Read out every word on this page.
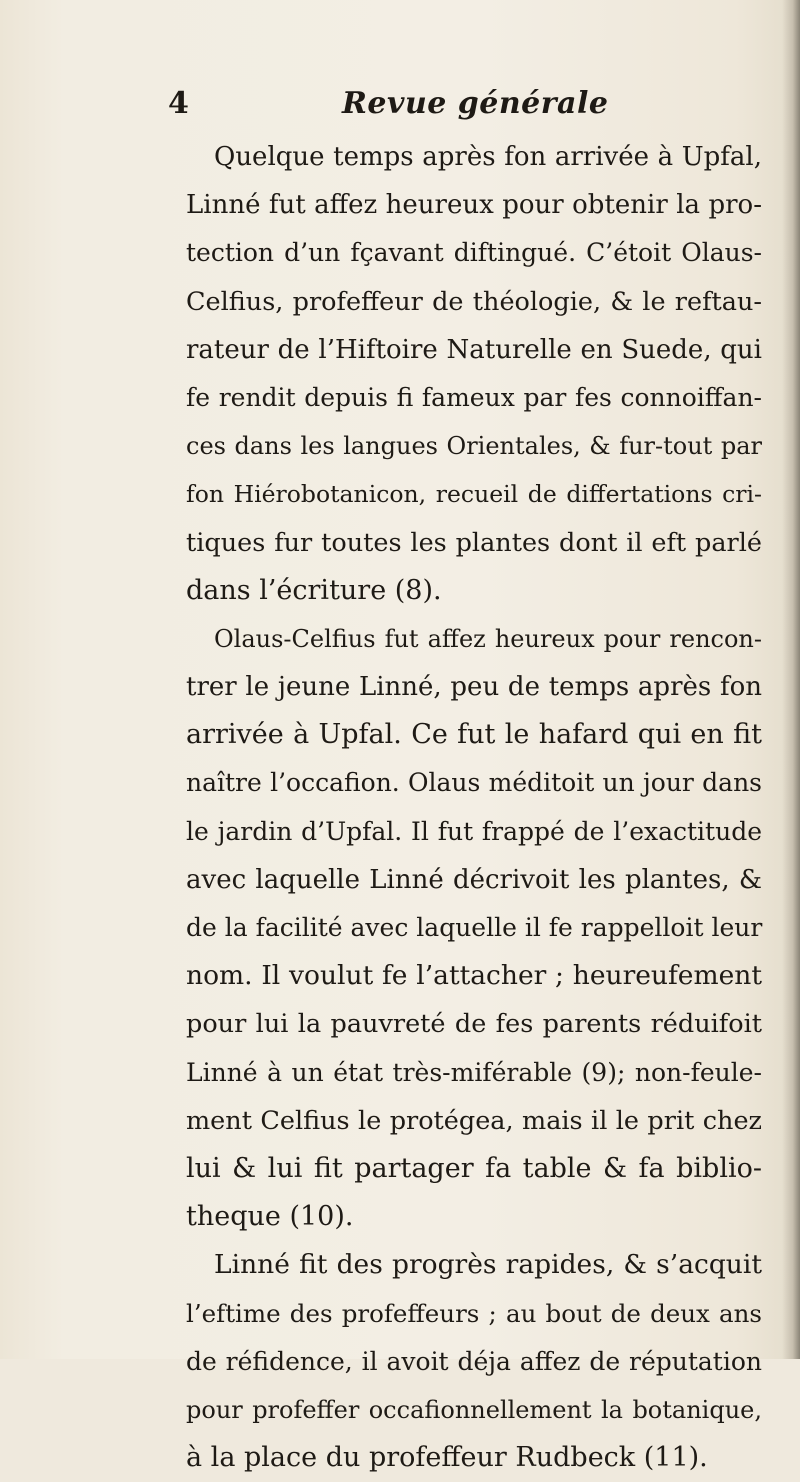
4	Revue générale
Quelque temps après fon arrivée à Upfal,
Linné fut affez heureux pour obtenir la pro-
tection d’un fçavant diftingué. C’étoit Olaus-
Celfius, profeffeur de théologie, & le reftau-
rateur de l’Hiftoire Naturelle en Suede, qui
fe rendit depuis fi fameux par fes connoiffan-
ces dans les langues Orientales, & fur-tout par
fon Hiérobotanicon, recueil de differtations cri-
tiques fur toutes les plantes dont il eft parlé
dans l’écriture (8).
Olaus-Celfius fut affez heureux pour rencon-
trer le jeune Linné, peu de temps après fon
arrivée à Upfal. Ce fut le hafard qui en fit
naître l’occafion. Olaus méditoit un jour dans
le jardin d’Upfal. Il fut frappé de l’exactitude
avec laquelle Linné décrivoit les plantes, &
de la facilité avec laquelle il fe rappelloit leur
nom. Il voulut fe l’attacher ; heureufement
pour lui la pauvreté de fes parents réduifoit
Linné à un état très-miférable (9); non-feule-
ment Celfius le protégea, mais il le prit chez
lui & lui fit partager fa table & fa biblio-
theque (10).
Linné fit des progrès rapides, & s’acquit
l’eftime des profeffeurs ; au bout de deux ans
de réfidence, il avoit déja affez de réputation
pour profeffer occafionnellement la botanique,
à la place du profeffeur Rudbeck (11).
